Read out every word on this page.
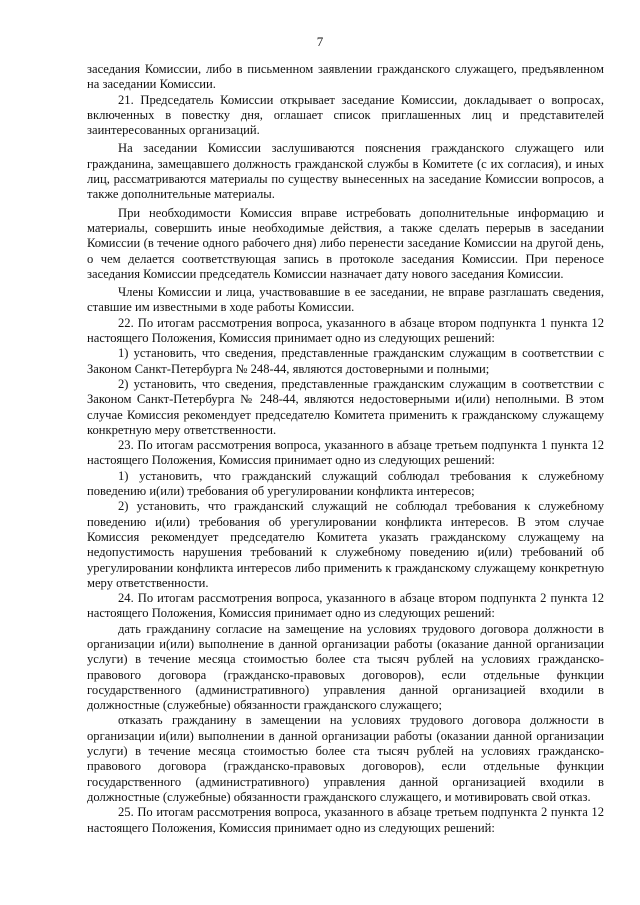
7

заседания Комиссии, либо в письменном заявлении гражданского служащего, предъявленном на заседании Комиссии.

21. Председатель Комиссии открывает заседание Комиссии, докладывает о вопросах, включенных в повестку дня, оглашает список приглашенных лиц и представителей заинтересованных организаций.

На заседании Комиссии заслушиваются пояснения гражданского служащего или гражданина, замещавшего должность гражданской службы в Комитете (с их согласия), и иных лиц, рассматриваются материалы по существу вынесенных на заседание Комиссии вопросов, а также дополнительные материалы.

При необходимости Комиссия вправе истребовать дополнительные информацию и материалы, совершить иные необходимые действия, а также сделать перерыв в заседании Комиссии (в течение одного рабочего дня) либо перенести заседание Комиссии на другой день, о чем делается соответствующая запись в протоколе заседания Комиссии. При переносе заседания Комиссии председатель Комиссии назначает дату нового заседания Комиссии.

Члены Комиссии и лица, участвовавшие в ее заседании, не вправе разглашать сведения, ставшие им известными в ходе работы Комиссии.

22. По итогам рассмотрения вопроса, указанного в абзаце втором подпункта 1 пункта 12 настоящего Положения, Комиссия принимает одно из следующих решений:

1) установить, что сведения, представленные гражданским служащим в соответствии с Законом Санкт-Петербурга № 248-44, являются достоверными и полными;

2) установить, что сведения, представленные гражданским служащим в соответствии с Законом Санкт-Петербурга № 248-44, являются недостоверными и(или) неполными. В этом случае Комиссия рекомендует председателю Комитета применить к гражданскому служащему конкретную меру ответственности.

23. По итогам рассмотрения вопроса, указанного в абзаце третьем подпункта 1 пункта 12 настоящего Положения, Комиссия принимает одно из следующих решений:

1) установить, что гражданский служащий соблюдал требования к служебному поведению и(или) требования об урегулировании конфликта интересов;

2) установить, что гражданский служащий не соблюдал требования к служебному поведению и(или) требования об урегулировании конфликта интересов. В этом случае Комиссия рекомендует председателю Комитета указать гражданскому служащему на недопустимость нарушения требований к служебному поведению и(или) требований об урегулировании конфликта интересов либо применить к гражданскому служащему конкретную меру ответственности.

24. По итогам рассмотрения вопроса, указанного в абзаце втором подпункта 2 пункта 12 настоящего Положения, Комиссия принимает одно из следующих решений:

дать гражданину согласие на замещение на условиях трудового договора должности в организации и(или) выполнение в данной организации работы (оказание данной организации услуги) в течение месяца стоимостью более ста тысяч рублей на условиях гражданско-правового договора (гражданско-правовых договоров), если отдельные функции государственного (административного) управления данной организацией входили в должностные (служебные) обязанности гражданского служащего;

отказать гражданину в замещении на условиях трудового договора должности в организации и(или) выполнении в данной организации работы (оказании данной организации услуги) в течение месяца стоимостью более ста тысяч рублей на условиях гражданско-правового договора (гражданско-правовых договоров), если отдельные функции государственного (административного) управления данной организацией входили в должностные (служебные) обязанности гражданского служащего, и мотивировать свой отказ.

25. По итогам рассмотрения вопроса, указанного в абзаце третьем подпункта 2 пункта 12 настоящего Положения, Комиссия принимает одно из следующих решений:
